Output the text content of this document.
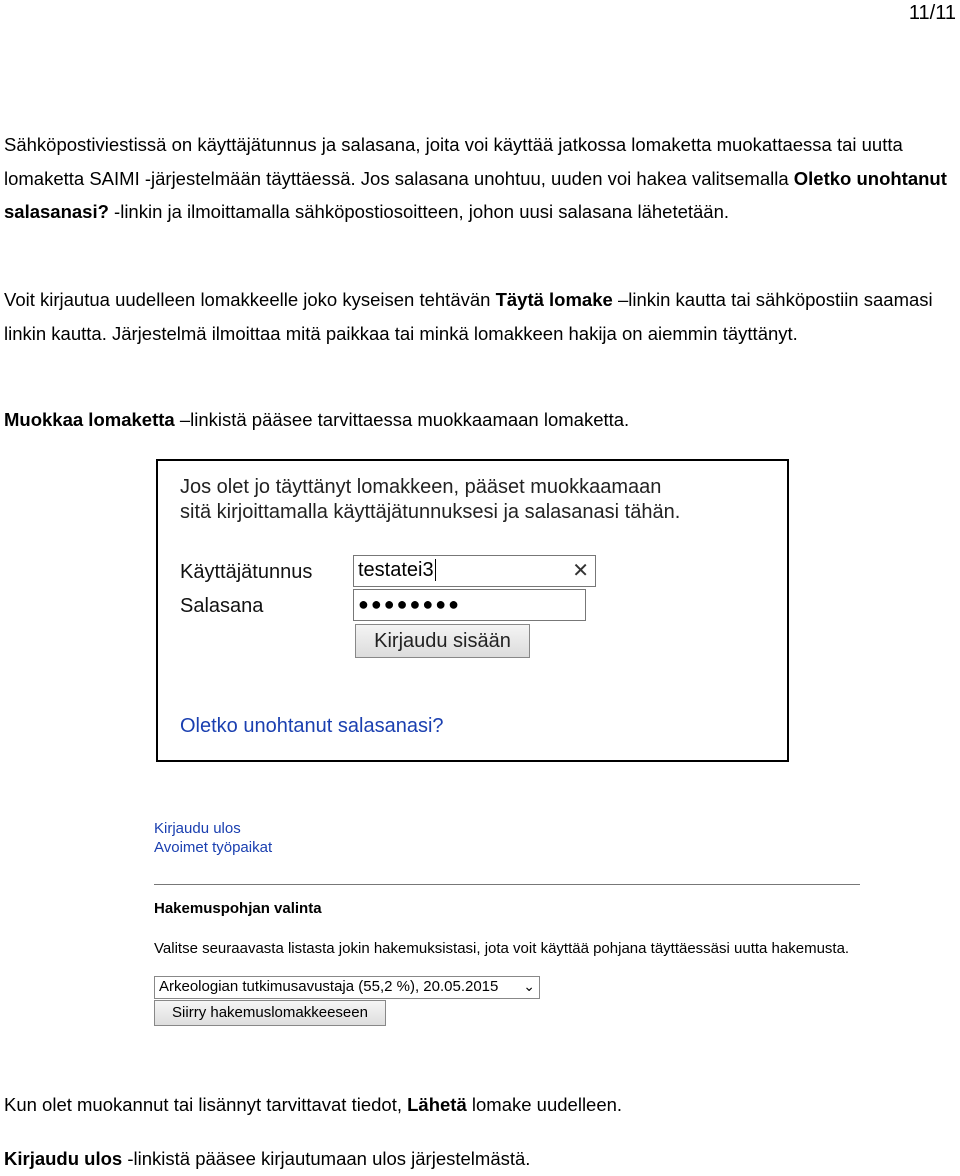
11/11

Sähköpostiviestissä on käyttäjätunnus ja salasana, joita voi käyttää jatkossa lomaketta muokattaessa tai uutta lomaketta SAIMI -järjestelmään täyttäessä. Jos salasana unohtuu, uuden voi hakea valitsemalla Oletko unohtanut salasanasi? -linkin ja ilmoittamalla sähköpostiosoitteen, johon uusi salasana lähetetään.

Voit kirjautua uudelleen lomakkeelle joko kyseisen tehtävän Täytä lomake –linkin kautta tai sähköpostiin saamasi linkin kautta. Järjestelmä ilmoittaa mitä paikkaa tai minkä lomakkeen hakija on aiemmin täyttänyt.

Muokkaa lomaketta –linkistä pääsee tarvittaessa muokkaamaan lomaketta.

Jos olet jo täyttänyt lomakkeen, pääset muokkaamaan
sitä kirjoittamalla käyttäjätunnuksesi ja salasanasi tähän.
Käyttäjätunnus testatei3	✕
Salasana	●●●●●●●●
Kirjaudu sisään
Oletko unohtanut salasanasi?
Kirjaudu ulos
Avoimet työpaikat
Hakemuspohjan valinta
Valitse seuraavasta listasta jokin hakemuksistasi, jota voit käyttää pohjana täyttäessäsi uutta hakemusta.
Arkeologian tutkimusavustaja (55,2 %), 20.05.2015 ⌄
Siirry hakemuslomakkeeseen

Kun olet muokannut tai lisännyt tarvittavat tiedot, Lähetä lomake uudelleen.

Kirjaudu ulos -linkistä pääsee kirjautumaan ulos järjestelmästä.
